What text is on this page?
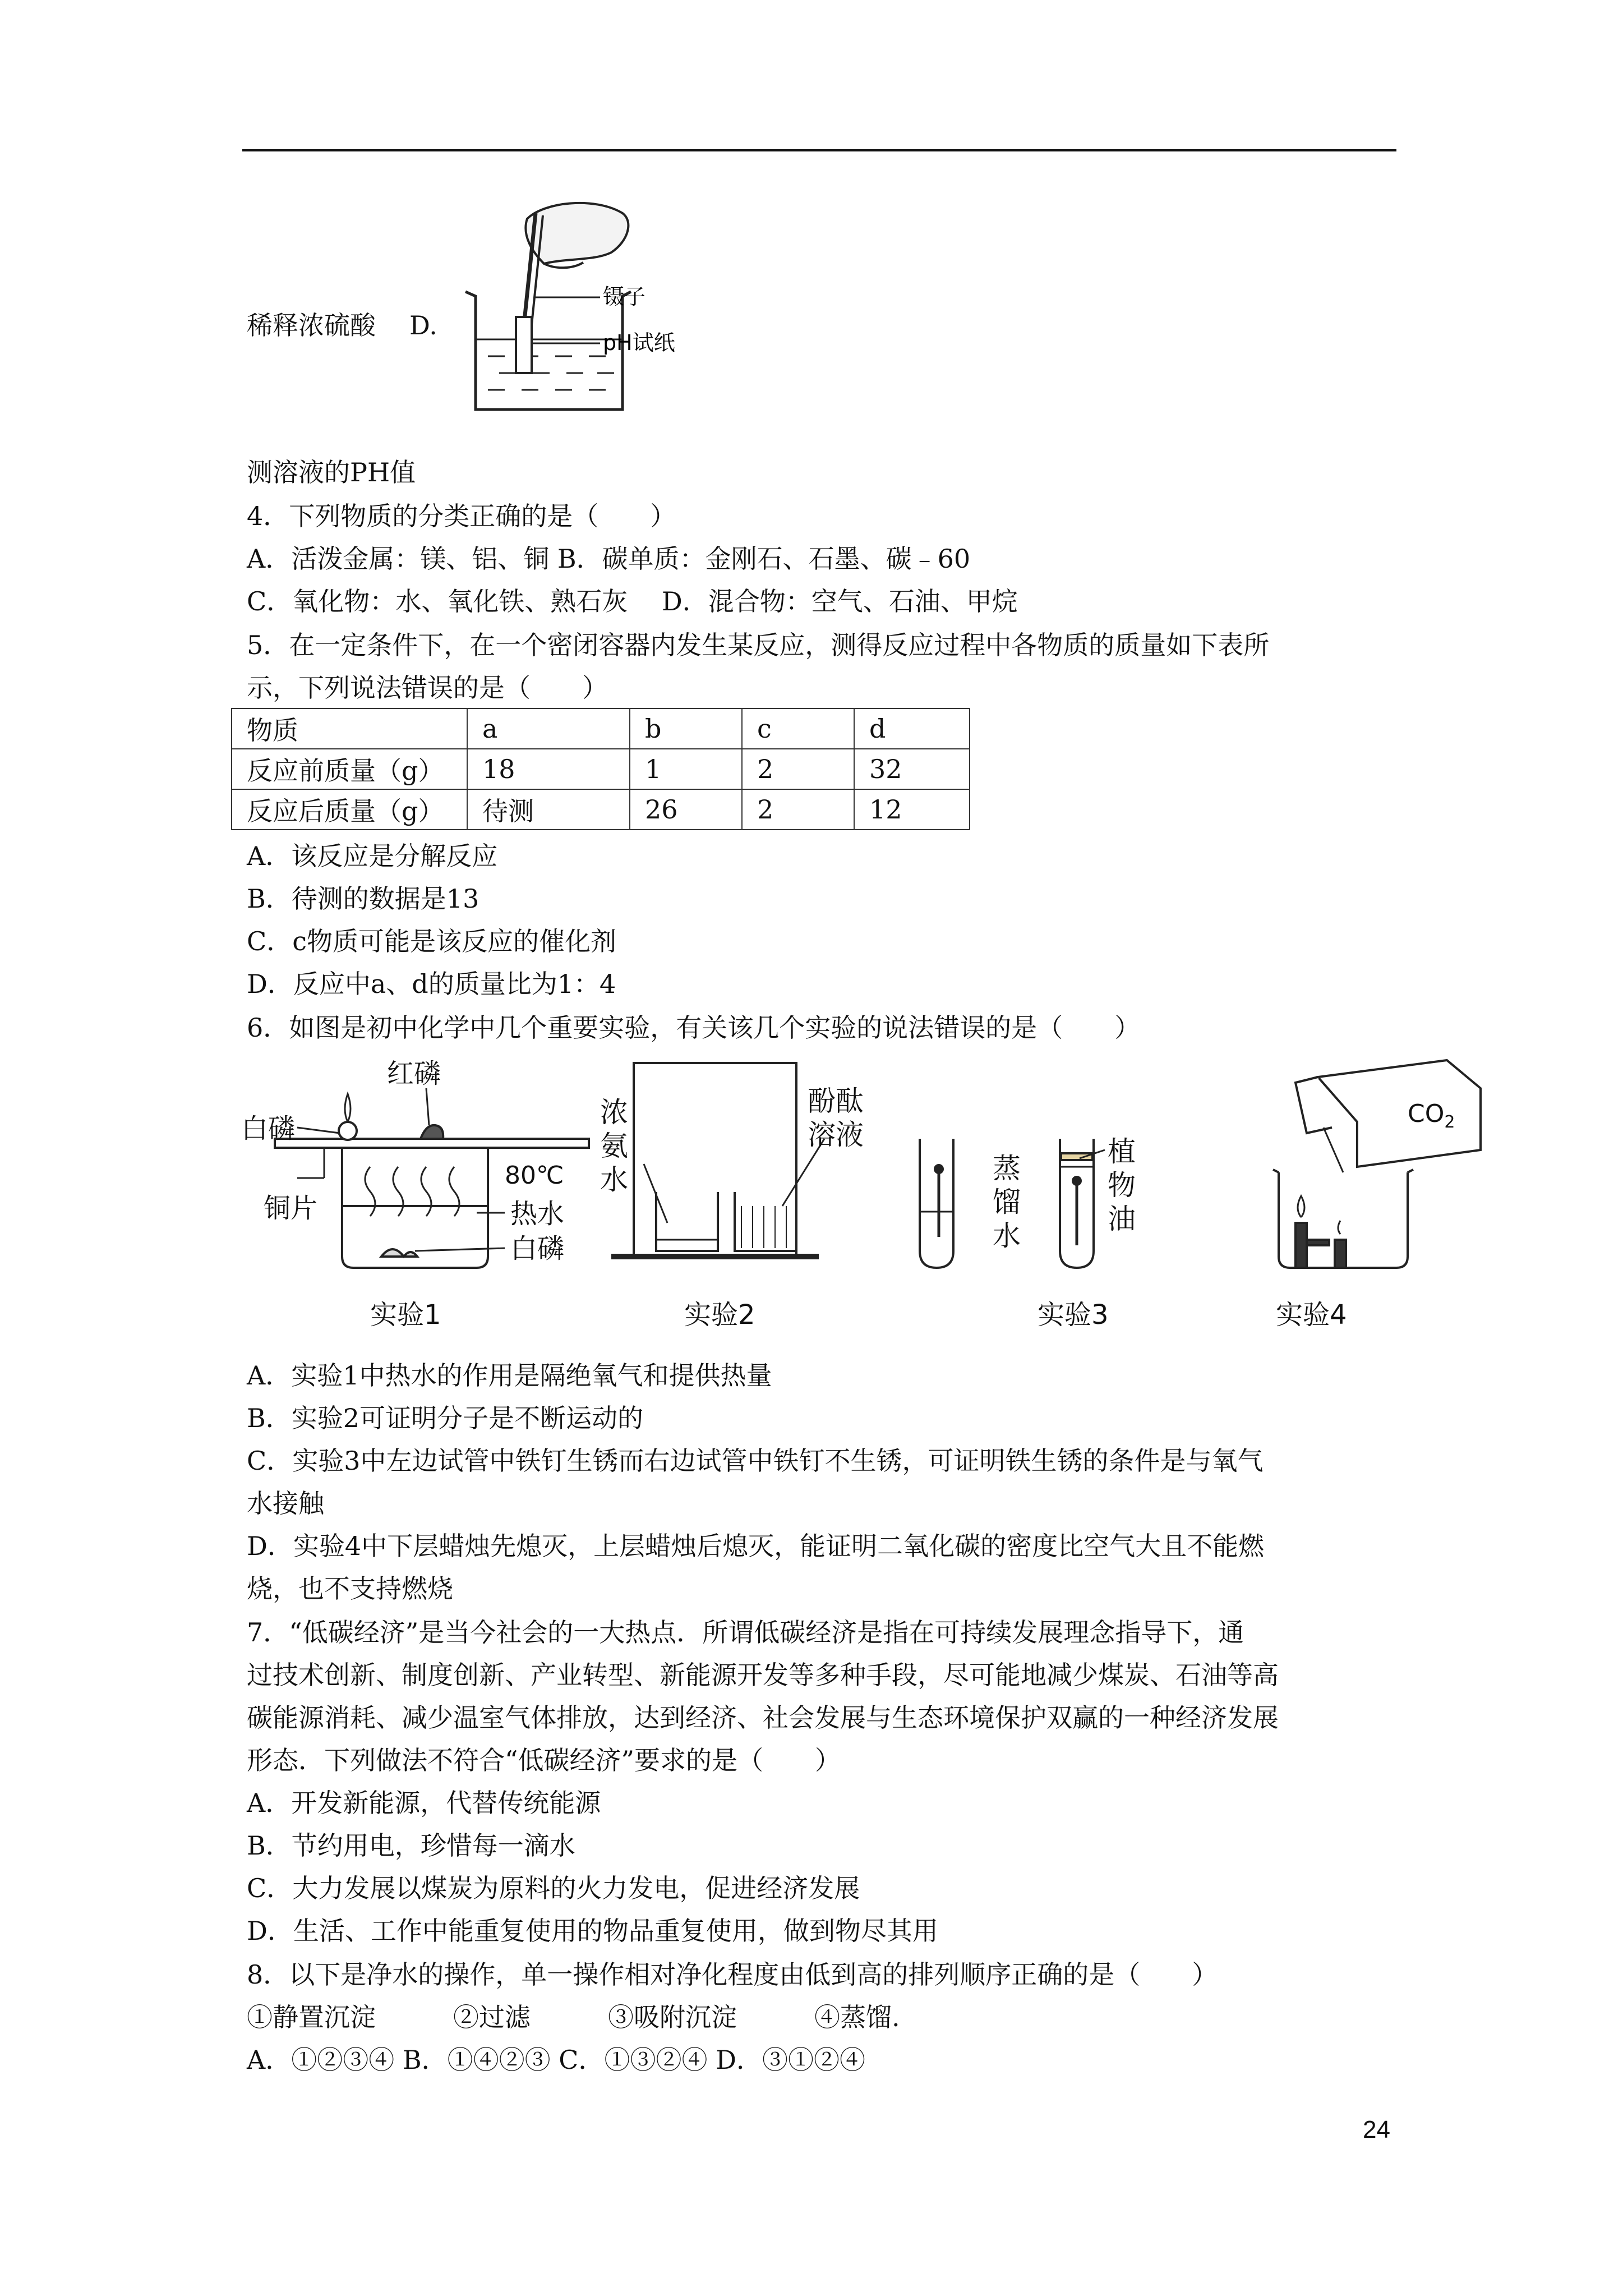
稀释浓硫酸 D.
镊子
pH试纸
测溶液的PH值
4．下列物质的分类正确的是（　　）
A．活泼金属：镁、铝、铜 B．碳单质：金刚石、石墨、碳﹣60
C．氧化物：水、氧化铁、熟石灰　 D．混合物：空气、石油、甲烷
5．在一定条件下，在一个密闭容器内发生某反应，测得反应过程中各物质的质量如下表所
示，下列说法错误的是（　　）
物质	a	b	c	d
反应前质量（g）	18	1	2	32
反应后质量（g）	待测	26	2	12
A．该反应是分解反应
B．待测的数据是13
C．c物质可能是该反应的催化剂
D．反应中a、d的质量比为1：4
6．如图是初中化学中几个重要实验，有关该几个实验的说法错误的是（　　）
白磷
红磷
80℃
铜片	热水
白磷
实验1
浓
氨
水
酚酞
溶液
实验2
蒸
馏
水
植
物
油
实验3
$CO_2$
实验4
A．实验1中热水的作用是隔绝氧气和提供热量
B．实验2可证明分子是不断运动的
C．实验3中左边试管中铁钉生锈而右边试管中铁钉不生锈，可证明铁生锈的条件是与氧气
水接触
D．实验4中下层蜡烛先熄灭，上层蜡烛后熄灭，能证明二氧化碳的密度比空气大且不能燃
烧，也不支持燃烧
7．“低碳经济”是当今社会的一大热点．所谓低碳经济是指在可持续发展理念指导下，通
过技术创新、制度创新、产业转型、新能源开发等多种手段，尽可能地减少煤炭、石油等高
碳能源消耗、减少温室气体排放，达到经济、社会发展与生态环境保护双赢的一种经济发展
形态．下列做法不符合“低碳经济”要求的是（　　）
A．开发新能源，代替传统能源
B．节约用电，珍惜每一滴水
C．大力发展以煤炭为原料的火力发电，促进经济发展
D．生活、工作中能重复使用的物品重复使用，做到物尽其用
8．以下是净水的操作，单一操作相对净化程度由低到高的排列顺序正确的是（　　）
①静置沉淀　　　②过滤　　　③吸附沉淀　　　④蒸馏.
A．①②③④ B．①④②③ C．①③②④ D．③①②④
24
